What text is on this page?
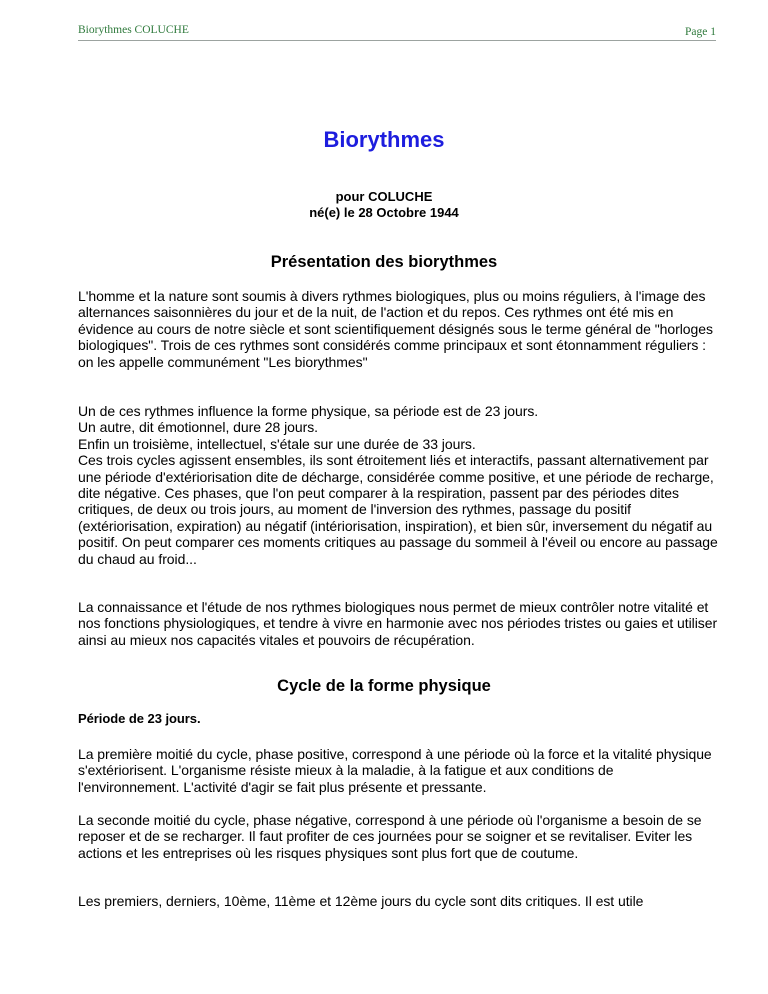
Biorythmes COLUCHE	Page 1
Biorythmes

pour COLUCHE

né(e) le 28 Octobre 1944

Présentation des biorythmes

L'homme et la nature sont soumis à divers rythmes biologiques, plus ou moins réguliers, à l'image des alternances saisonnières du jour et de la nuit, de l'action et du repos. Ces rythmes ont été mis en évidence au cours de notre siècle et sont scientifiquement désignés sous le terme général de "horloges biologiques". Trois de ces rythmes sont considérés comme principaux et sont étonnamment réguliers : on les appelle communément "Les biorythmes"

Un de ces rythmes influence la forme physique, sa période est de 23 jours.
Un autre, dit émotionnel, dure 28 jours.
Enfin un troisième, intellectuel, s'étale sur une durée de 33 jours.
Ces trois cycles agissent ensembles, ils sont étroitement liés et interactifs, passant alternativement par une période d'extériorisation dite de décharge, considérée comme positive, et une période de recharge, dite négative. Ces phases, que l'on peut comparer à la respiration, passent par des périodes dites critiques, de deux ou trois jours, au moment de l'inversion des rythmes, passage du positif (extériorisation, expiration) au négatif (intériorisation, inspiration), et bien sûr, inversement du négatif au positif. On peut comparer ces moments critiques au passage du sommeil à l'éveil ou encore au passage du chaud au froid...

La connaissance et l'étude de nos rythmes biologiques nous permet de mieux contrôler notre vitalité et nos fonctions physiologiques, et tendre à vivre en harmonie avec nos périodes tristes ou gaies et utiliser ainsi au mieux nos capacités vitales et pouvoirs de récupération.

Cycle de la forme physique

Période de 23 jours.

La première moitié du cycle, phase positive, correspond à une période où la force et la vitalité physique s'extériorisent. L'organisme résiste mieux à la maladie, à la fatigue et aux conditions de l'environnement. L'activité d'agir se fait plus présente et pressante.

La seconde moitié du cycle, phase négative, correspond à une période où l'organisme a besoin de se reposer et de se recharger. Il faut profiter de ces journées pour se soigner et se revitaliser. Eviter les actions et les entreprises où les risques physiques sont plus fort que de coutume.

Les premiers, derniers, 10ème, 11ème et 12ème jours du cycle sont dits critiques. Il est utile
